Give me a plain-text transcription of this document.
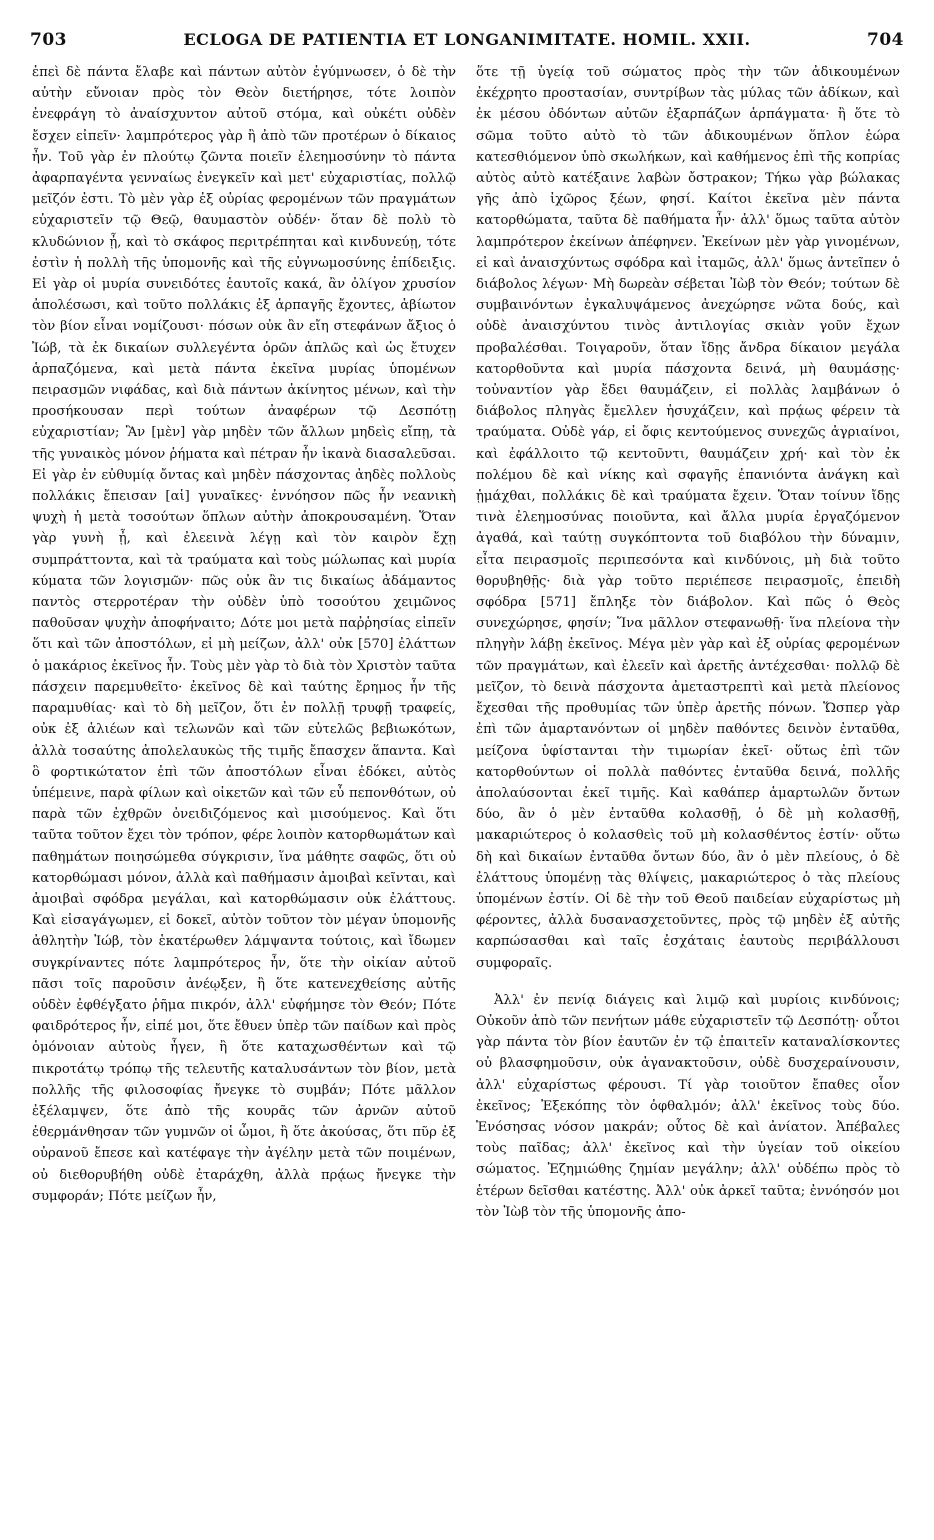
703	ECLOGA DE PATIENTIA ET LONGANIMITATE. HOMIL. XXII.	704

ἐπεὶ δὲ πάντα ἔλαβε καὶ πάντων αὐτὸν ἐγύμνωσεν, ὁ δὲ τὴν αὐτὴν εὔνοιαν πρὸς τὸν Θεὸν διετήρησε, τότε λοιπὸν ἐνεφράγη τὸ ἀναίσχυντον αὐτοῦ στόμα, καὶ οὐκέτι οὐδὲν ἔσχεν εἰπεῖν· λαμπρότερος γὰρ ἢ ἀπὸ τῶν προτέρων ὁ δίκαιος ἦν. Τοῦ γὰρ ἐν πλούτῳ ζῶντα ποιεῖν ἐλεημοσύνην τὸ πάντα ἀφαρπαγέντα γενναίως ἐνεγκεῖν καὶ μετ' εὐχαριστίας, πολλῷ μεῖζόν ἐστι. Τὸ μὲν γὰρ ἐξ οὐρίας φερομένων τῶν πραγμάτων εὐχαριστεῖν τῷ Θεῷ, θαυμαστὸν οὐδέν· ὅταν δὲ πολὺ τὸ κλυδώνιον ᾖ, καὶ τὸ σκάφος περιτρέπηται καὶ κινδυνεύῃ, τότε ἐστὶν ἡ πολλὴ τῆς ὑπομονῆς καὶ τῆς εὐγνωμοσύνης ἐπίδειξις. Εἰ γὰρ οἱ μυρία συνειδότες ἑαυτοῖς κακά, ἂν ὀλίγον χρυσίον ἀπολέσωσι, καὶ τοῦτο πολλάκις ἐξ ἁρπαγῆς ἔχοντες, ἀβίωτον τὸν βίον εἶναι νομίζουσι· πόσων οὐκ ἂν εἴη στεφάνων ἄξιος ὁ Ἰώβ, τὰ ἐκ δικαίων συλλεγέντα ὁρῶν ἁπλῶς καὶ ὡς ἔτυχεν ἁρπαζόμενα, καὶ μετὰ πάντα ἐκεῖνα μυρίας ὑπομένων πειρασμῶν νιφάδας, καὶ διὰ πάντων ἀκίνητος μένων, καὶ τὴν προσήκουσαν περὶ τούτων ἀναφέρων τῷ Δεσπότῃ εὐχαριστίαν; Ἂν [μὲν] γὰρ μηδὲν τῶν ἄλλων μηδεὶς εἴπῃ, τὰ τῆς γυναικὸς μόνον ῥήματα καὶ πέτραν ἦν ἱκανὰ διασαλεῦσαι. Εἰ γὰρ ἐν εὐθυμίᾳ ὄντας καὶ μηδὲν πάσχοντας ἀηδὲς πολλοὺς πολλάκις ἔπεισαν [αἱ] γυναῖκες· ἐννόησον πῶς ἦν νεανικὴ ψυχὴ ἡ μετὰ τοσούτων ὅπλων αὐτὴν ἀποκρουσαμένη. Ὅταν γὰρ γυνὴ ᾖ, καὶ ἐλεεινὰ λέγῃ καὶ τὸν καιρὸν ἔχῃ συμπράττοντα, καὶ τὰ τραύματα καὶ τοὺς μώλωπας καὶ μυρία κύματα τῶν λογισμῶν· πῶς οὐκ ἂν τις δικαίως ἀδάμαντος παντὸς στερροτέραν τὴν οὐδὲν ὑπὸ τοσούτου χειμῶνος παθοῦσαν ψυχὴν ἀποφήναιτο; Δότε μοι μετὰ παῤῥησίας εἰπεῖν ὅτι καὶ τῶν ἀποστόλων, εἰ μὴ μείζων, ἀλλ' οὐκ [570] ἐλάττων ὁ μακάριος ἐκεῖνος ἦν. Τοὺς μὲν γὰρ τὸ διὰ τὸν Χριστὸν ταῦτα πάσχειν παρεμυθεῖτο· ἐκεῖνος δὲ καὶ ταύτης ἔρημος ἦν τῆς παραμυθίας· καὶ τὸ δὴ μεῖζον, ὅτι ἐν πολλῇ τρυφῇ τραφείς, οὐκ ἐξ ἁλιέων καὶ τελωνῶν καὶ τῶν εὐτελῶς βεβιωκότων, ἀλλὰ τοσαύτης ἀπολελαυκὼς τῆς τιμῆς ἔπασχεν ἅπαντα. Καὶ ὃ φορτικώτατον ἐπὶ τῶν ἀποστόλων εἶναι ἐδόκει, αὐτὸς ὑπέμεινε, παρὰ φίλων καὶ οἰκετῶν καὶ τῶν εὖ πεπονθότων, οὐ παρὰ τῶν ἐχθρῶν ὀνειδιζόμενος καὶ μισούμενος. Καὶ ὅτι ταῦτα τοῦτον ἔχει τὸν τρόπον, φέρε λοιπὸν κατορθωμάτων καὶ παθημάτων ποιησώμεθα σύγκρισιν, ἵνα μάθητε σαφῶς, ὅτι οὐ κατορθώμασι μόνον, ἀλλὰ καὶ παθήμασιν ἀμοιβαὶ κεῖνται, καὶ ἀμοιβαὶ σφόδρα μεγάλαι, καὶ κατορθώμασιν οὐκ ἐλάττους. Καὶ εἰσαγάγωμεν, εἰ δοκεῖ, αὐτὸν τοῦτον τὸν μέγαν ὑπομονῆς ἀθλητὴν Ἰώβ, τὸν ἑκατέρωθεν λάμψαντα τούτοις, καὶ ἴδωμεν συγκρίναντες πότε λαμπρότερος ἦν, ὅτε τὴν οἰκίαν αὐτοῦ πᾶσι τοῖς παροῦσιν ἀνέῳξεν, ἢ ὅτε κατενεχθείσης αὐτῆς οὐδὲν ἐφθέγξατο ῥῆμα πικρόν, ἀλλ' εὐφήμησε τὸν Θεόν; Πότε φαιδρότερος ἦν, εἰπέ μοι, ὅτε ἔθυεν ὑπὲρ τῶν παίδων καὶ πρὸς ὁμόνοιαν αὐτοὺς ἦγεν, ἢ ὅτε καταχωσθέντων καὶ τῷ πικροτάτῳ τρόπῳ τῆς τελευτῆς καταλυσάντων τὸν βίον, μετὰ πολλῆς τῆς φιλοσοφίας ἤνεγκε τὸ συμβάν; Πότε μᾶλλον ἐξέλαμψεν, ὅτε ἀπὸ τῆς κουρᾶς τῶν ἀρνῶν αὐτοῦ ἐθερμάνθησαν τῶν γυμνῶν οἱ ὦμοι, ἢ ὅτε ἀκούσας, ὅτι πῦρ ἐξ οὐρανοῦ ἔπεσε καὶ κατέφαγε τὴν ἀγέλην μετὰ τῶν ποιμένων, οὐ διεθορυβήθη οὐδὲ ἐταράχθη, ἀλλὰ πρᾴως ἤνεγκε τὴν συμφοράν; Πότε μείζων ἦν,

ὅτε τῇ ὑγείᾳ τοῦ σώματος πρὸς τὴν τῶν ἀδικουμένων ἐκέχρητο προστασίαν, συντρίβων τὰς μύλας τῶν ἀδίκων, καὶ ἐκ μέσου ὀδόντων αὐτῶν ἐξαρπάζων ἁρπάγματα· ἢ ὅτε τὸ σῶμα τοῦτο αὐτὸ τὸ τῶν ἀδικουμένων ὅπλον ἑώρα κατεσθιόμενον ὑπὸ σκωλήκων, καὶ καθήμενος ἐπὶ τῆς κοπρίας αὐτὸς αὐτὸ κατέξαινε λαβὼν ὄστρακον; Τήκω γὰρ βώλακας γῆς ἀπὸ ἰχῶρος ξέων, φησί. Καίτοι ἐκεῖνα μὲν πάντα κατορθώματα, ταῦτα δὲ παθήματα ἦν· ἀλλ' ὅμως ταῦτα αὐτὸν λαμπρότερον ἐκείνων ἀπέφηνεν. Ἐκείνων μὲν γὰρ γινομένων, εἰ καὶ ἀναισχύντως σφόδρα καὶ ἰταμῶς, ἀλλ' ὅμως ἀντεῖπεν ὁ διάβολος λέγων· Μὴ δωρεὰν σέβεται Ἰὼβ τὸν Θεόν; τούτων δὲ συμβαινόντων ἐγκαλυψάμενος ἀνεχώρησε νῶτα δούς, καὶ οὐδὲ ἀναισχύντου τινὸς ἀντιλογίας σκιὰν γοῦν ἔχων προβαλέσθαι. Τοιγαροῦν, ὅταν ἴδῃς ἄνδρα δίκαιον μεγάλα κατορθοῦντα καὶ μυρία πάσχοντα δεινά, μὴ θαυμάσῃς· τοὐναντίον γὰρ ἔδει θαυμάζειν, εἰ πολλὰς λαμβάνων ὁ διάβολος πληγὰς ἔμελλεν ἡσυχάζειν, καὶ πρᾴως φέρειν τὰ τραύματα. Οὐδὲ γάρ, εἰ ὄφις κεντούμενος συνεχῶς ἀγριαίνοι, καὶ ἐφάλλοιτο τῷ κεντοῦντι, θαυμάζειν χρή· καὶ τὸν ἐκ πολέμου δὲ καὶ νίκης καὶ σφαγῆς ἐπανιόντα ἀνάγκη καὶ ᾑμάχθαι, πολλάκις δὲ καὶ τραύματα ἔχειν. Ὅταν τοίνυν ἴδῃς τινὰ ἐλεημοσύνας ποιοῦντα, καὶ ἄλλα μυρία ἐργαζόμενον ἀγαθά, καὶ ταύτῃ συγκόπτοντα τοῦ διαβόλου τὴν δύναμιν, εἶτα πειρασμοῖς περιπεσόντα καὶ κινδύνοις, μὴ διὰ τοῦτο θορυβηθῇς· διὰ γὰρ τοῦτο περιέπεσε πειρασμοῖς, ἐπειδὴ σφόδρα [571] ἔπληξε τὸν διάβολον. Καὶ πῶς ὁ Θεὸς συνεχώρησε, φησίν; Ἵνα μᾶλλον στεφανωθῇ· ἵνα πλείονα τὴν πληγὴν λάβῃ ἐκεῖνος. Μέγα μὲν γὰρ καὶ ἐξ οὐρίας φερομένων τῶν πραγμάτων, καὶ ἐλεεῖν καὶ ἀρετῆς ἀντέχεσθαι· πολλῷ δὲ μεῖζον, τὸ δεινὰ πάσχοντα ἀμεταστρεπτὶ καὶ μετὰ πλείονος ἔχεσθαι τῆς προθυμίας τῶν ὑπὲρ ἀρετῆς πόνων. Ὥσπερ γὰρ ἐπὶ τῶν ἁμαρτανόντων οἱ μηδὲν παθόντες δεινὸν ἐνταῦθα, μείζονα ὑφίστανται τὴν τιμωρίαν ἐκεῖ· οὕτως ἐπὶ τῶν κατορθούντων οἱ πολλὰ παθόντες ἐνταῦθα δεινά, πολλῆς ἀπολαύσονται ἐκεῖ τιμῆς. Καὶ καθάπερ ἁμαρτωλῶν ὄντων δύο, ἂν ὁ μὲν ἐνταῦθα κολασθῇ, ὁ δὲ μὴ κολασθῇ, μακαριώτερος ὁ κολασθεὶς τοῦ μὴ κολασθέντος ἐστίν· οὕτω δὴ καὶ δικαίων ἐνταῦθα ὄντων δύο, ἂν ὁ μὲν πλείους, ὁ δὲ ἐλάττους ὑπομένῃ τὰς θλίψεις, μακαριώτερος ὁ τὰς πλείους ὑπομένων ἐστίν. Οἱ δὲ τὴν τοῦ Θεοῦ παιδείαν εὐχαρίστως μὴ φέροντες, ἀλλὰ δυσανασχετοῦντες, πρὸς τῷ μηδὲν ἐξ αὐτῆς καρπώσασθαι καὶ ταῖς ἐσχάταις ἑαυτοὺς περιβάλλουσι συμφοραῖς.

Ἀλλ' ἐν πενίᾳ διάγεις καὶ λιμῷ καὶ μυρίοις κινδύνοις; Οὐκοῦν ἀπὸ τῶν πενήτων μάθε εὐχαριστεῖν τῷ Δεσπότῃ· οὗτοι γὰρ πάντα τὸν βίον ἑαυτῶν ἐν τῷ ἐπαιτεῖν καταναλίσκοντες οὐ βλασφημοῦσιν, οὐκ ἀγανακτοῦσιν, οὐδὲ δυσχεραίνουσιν, ἀλλ' εὐχαρίστως φέρουσι. Τί γὰρ τοιοῦτον ἔπαθες οἷον ἐκεῖνος; Ἐξεκόπης τὸν ὀφθαλμόν; ἀλλ' ἐκεῖνος τοὺς δύο. Ἐνόσησας νόσον μακράν; οὗτος δὲ καὶ ἀνίατον. Ἀπέβαλες τοὺς παῖδας; ἀλλ' ἐκεῖνος καὶ τὴν ὑγείαν τοῦ οἰκείου σώματος. Ἐζημιώθης ζημίαν μεγάλην; ἀλλ' οὐδέπω πρὸς τὸ ἑτέρων δεῖσθαι κατέστης. Ἀλλ' οὐκ ἀρκεῖ ταῦτα; ἐννόησόν μοι τὸν Ἰὼβ τὸν τῆς ὑπομονῆς ἀπο-
